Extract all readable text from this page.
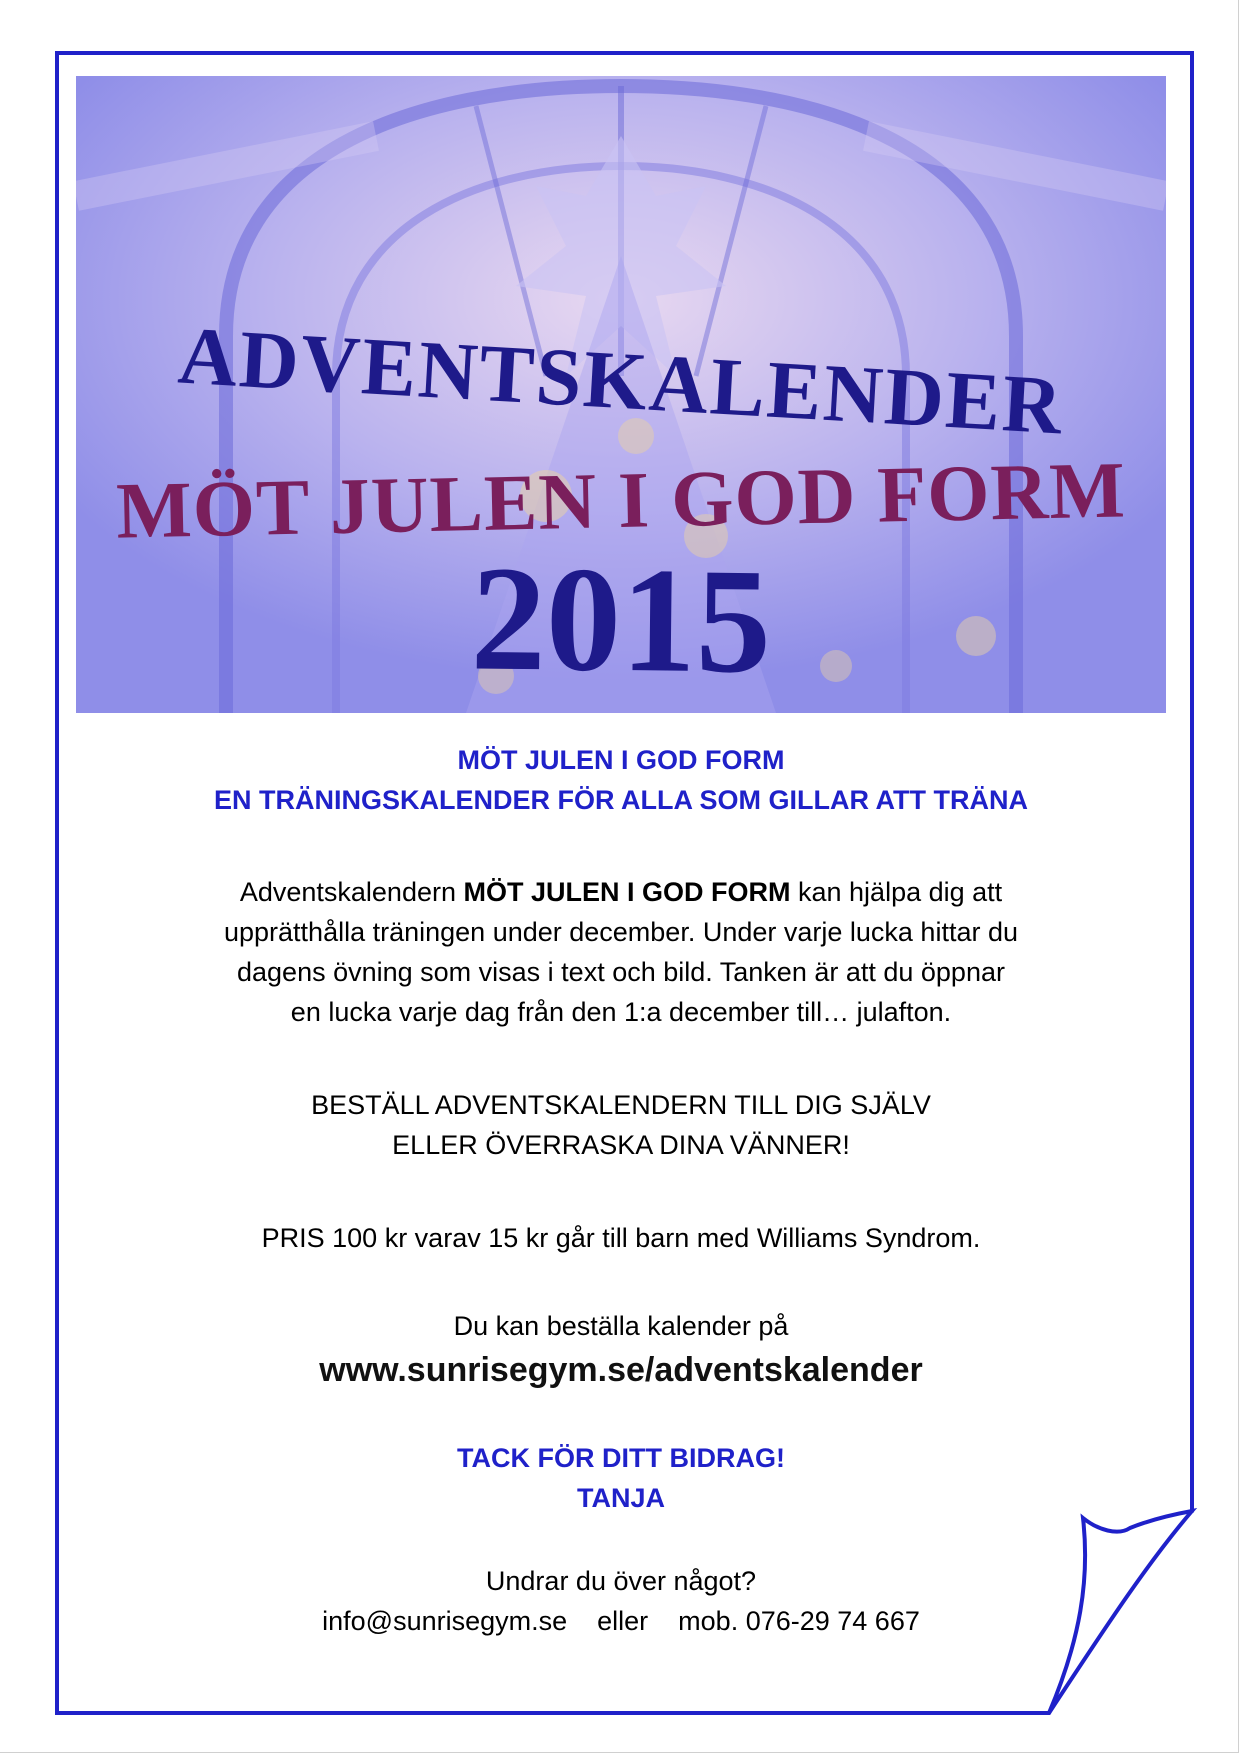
ADVENTSKALENDER
MÖT JULEN I GOD FORM
2015
MÖT JULEN I GOD FORM
EN TRÄNINGSKALENDER FÖR ALLA SOM GILLAR ATT TRÄNA
Adventskalendern MÖT JULEN I GOD FORM kan hjälpa dig att
upprätthålla träningen under december. Under varje lucka hittar du
dagens övning som visas i text och bild. Tanken är att du öppnar
en lucka varje dag från den 1:a december till… julafton.
BESTÄLL ADVENTSKALENDERN TILL DIG SJÄLV
ELLER ÖVERRASKA DINA VÄNNER!
PRIS 100 kr varav 15 kr går till barn med Williams Syndrom.
Du kan beställa kalender på
www.sunrisegym.se/adventskalender
TACK FÖR DITT BIDRAG!
TANJA
Undrar du över något?
info@sunrisegym.se eller mob. 076-29 74 667
